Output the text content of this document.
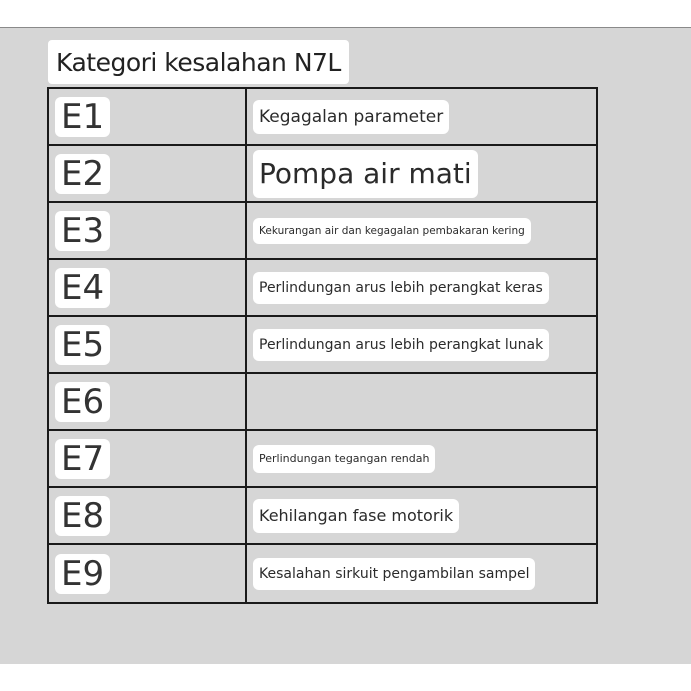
Kategori kesalahan N7L
E1	Kegagalan parameter
E2	Pompa air mati
E3	Kekurangan air dan kegagalan pembakaran kering
E4	Perlindungan arus lebih perangkat keras
E5	Perlindungan arus lebih perangkat lunak
E6
E7	Perlindungan tegangan rendah
E8	Kehilangan fase motorik
E9	Kesalahan sirkuit pengambilan sampel
